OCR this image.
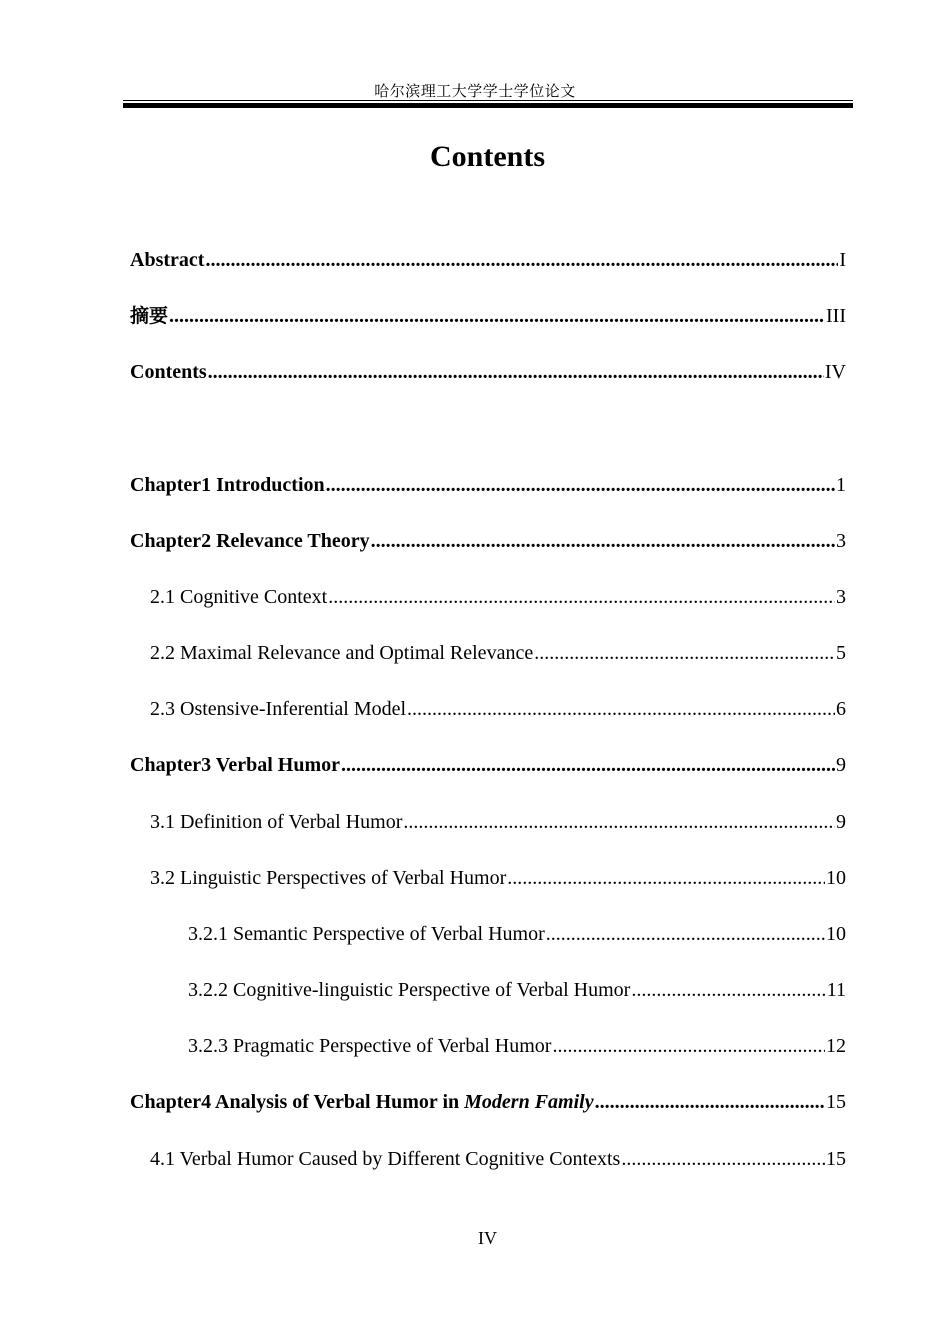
哈尔滨理工大学学士学位论文
Contents
Abstract .....	I
摘要 .....	III
Contents .....	IV
Chapter1 Introduction .....	1
Chapter2 Relevance Theory .....	3
2.1 Cognitive Context .....	3
2.2 Maximal Relevance and Optimal Relevance .....	5
2.3 Ostensive-Inferential Model .....	6
Chapter3 Verbal Humor .....	9
3.1 Definition of Verbal Humor .....	9
3.2 Linguistic Perspectives of Verbal Humor .....	10
3.2.1 Semantic Perspective of Verbal Humor .....	10
3.2.2 Cognitive-linguistic Perspective of Verbal Humor .....	11
3.2.3 Pragmatic Perspective of Verbal Humor .....	12
Chapter4 Analysis of Verbal Humor in Modern Family .....	15
4.1 Verbal Humor Caused by Different Cognitive Contexts .....	15
IV
